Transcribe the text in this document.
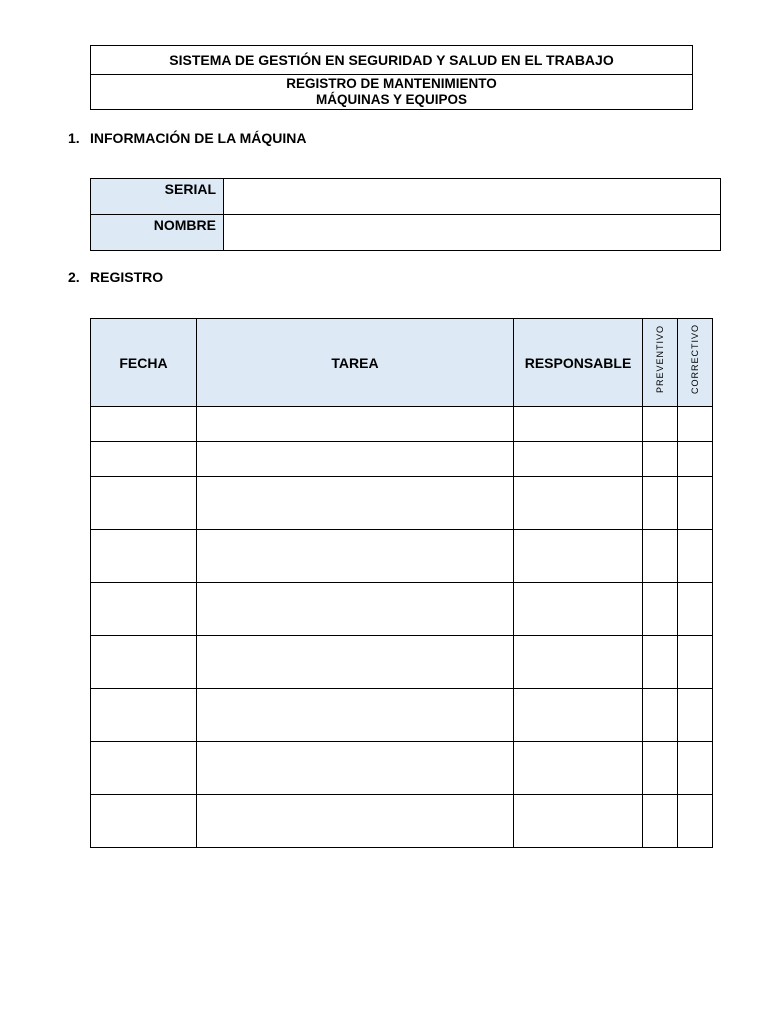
SISTEMA DE GESTIÓN EN SEGURIDAD Y SALUD EN EL TRABAJO
REGISTRO DE MANTENIMIENTO
MÁQUINAS Y EQUIPOS
1. INFORMACIÓN DE LA MÁQUINA
SERIAL	
NOMBRE	
2. REGISTRO
FECHA	TAREA	RESPONSABLE	PREVENTIVO	CORRECTIVO
